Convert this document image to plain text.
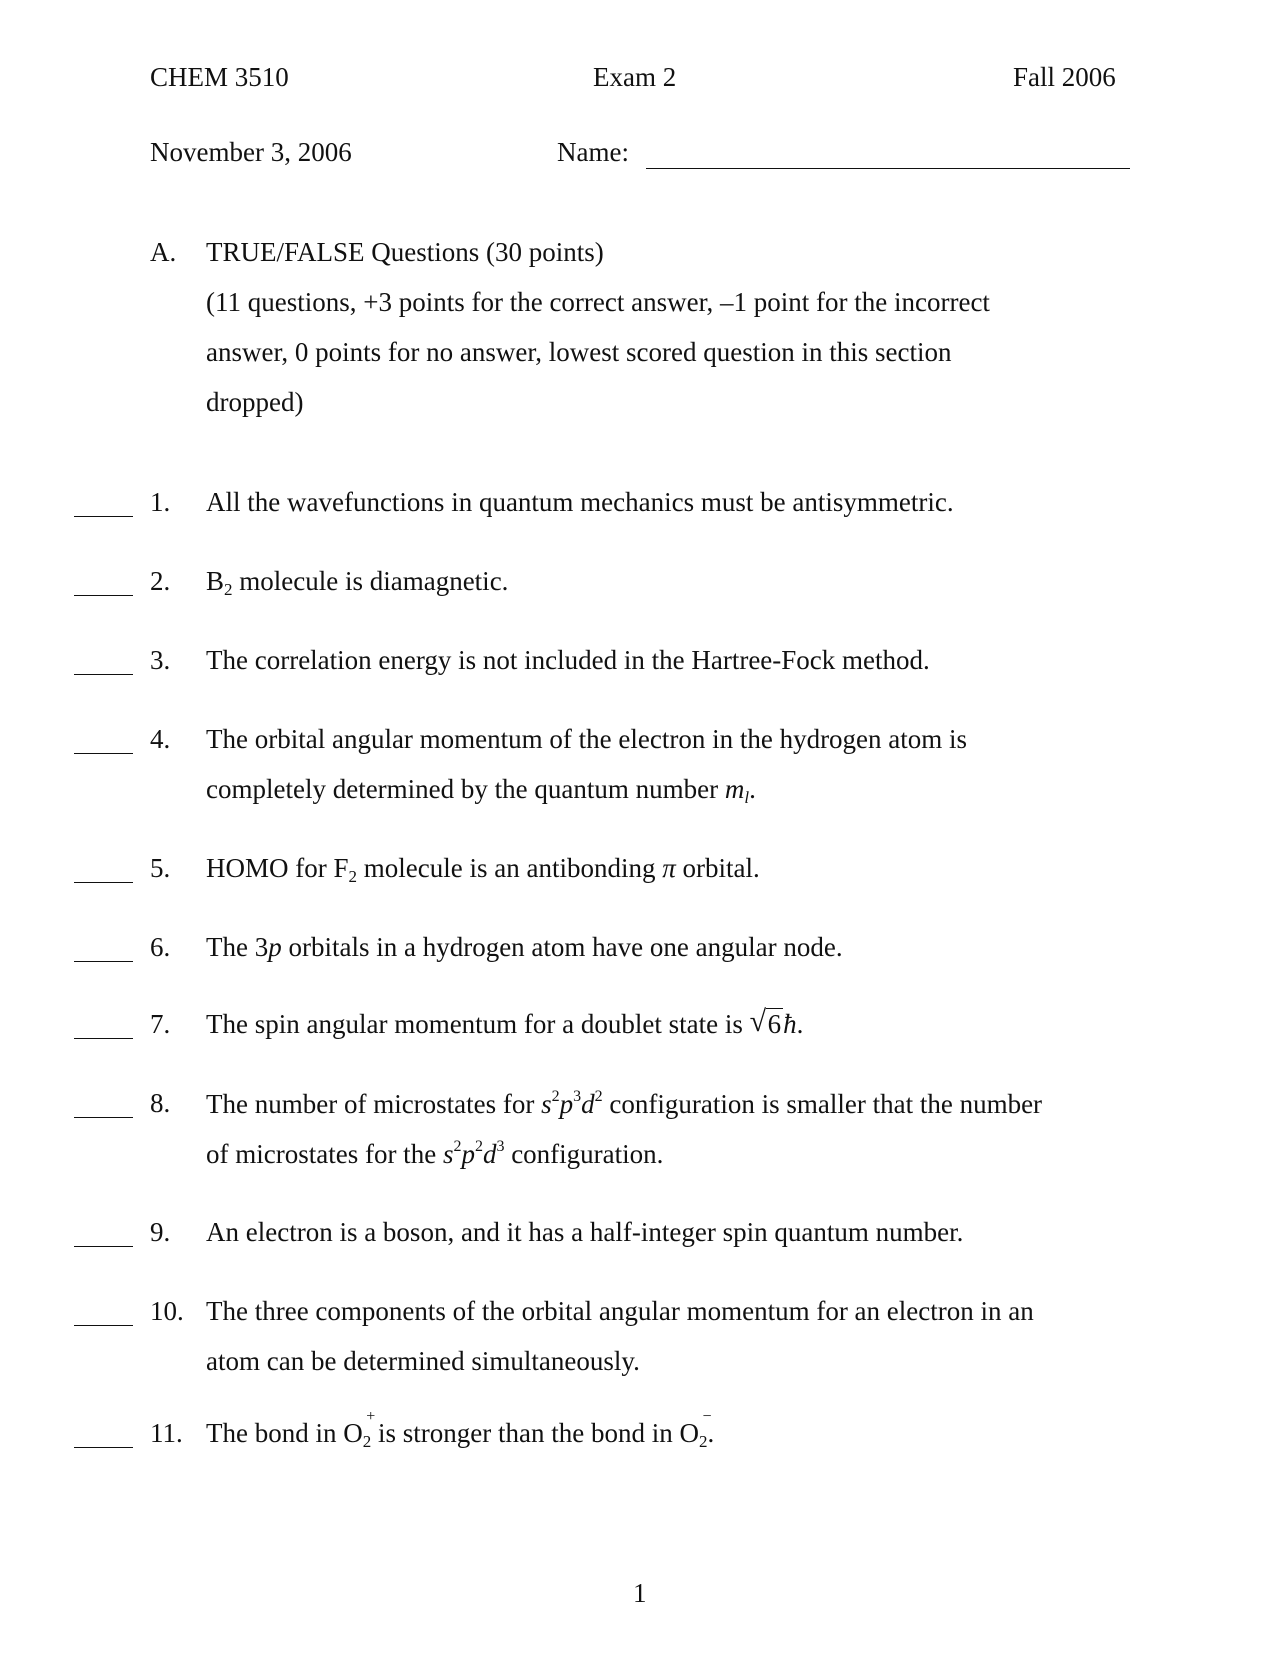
CHEM 3510	Exam 2	Fall 2006
November 3, 2006	Name:
A. TRUE/FALSE Questions (30 points)
(11 questions, +3 points for the correct answer, –1 point for the incorrect
answer, 0 points for no answer, lowest scored question in this section
dropped)
1. All the wavefunctions in quantum mechanics must be antisymmetric.
2. $B_2$ molecule is diamagnetic.
3. The correlation energy is not included in the Hartree-Fock method.
4. The orbital angular momentum of the electron in the hydrogen atom is
completely determined by the quantum number $m_l$.
5. HOMO for $F_2$ molecule is an antibonding π orbital.
6. The 3p orbitals in a hydrogen atom have one angular node.
7. The spin angular momentum for a doublet state is √ 6ħ.
8. The number of microstates for $s^2p^3d^2$ configuration is smaller that the number
of microstates for the $s^2p^2d^3$ configuration.
9. An electron is a boson, and it has a half-integer spin quantum number.
10. The three components of the orbital angular momentum for an electron in an
atom can be determined simultaneously.
11. The bond in O2
+
is stronger than the bond in O2
−
.
1
